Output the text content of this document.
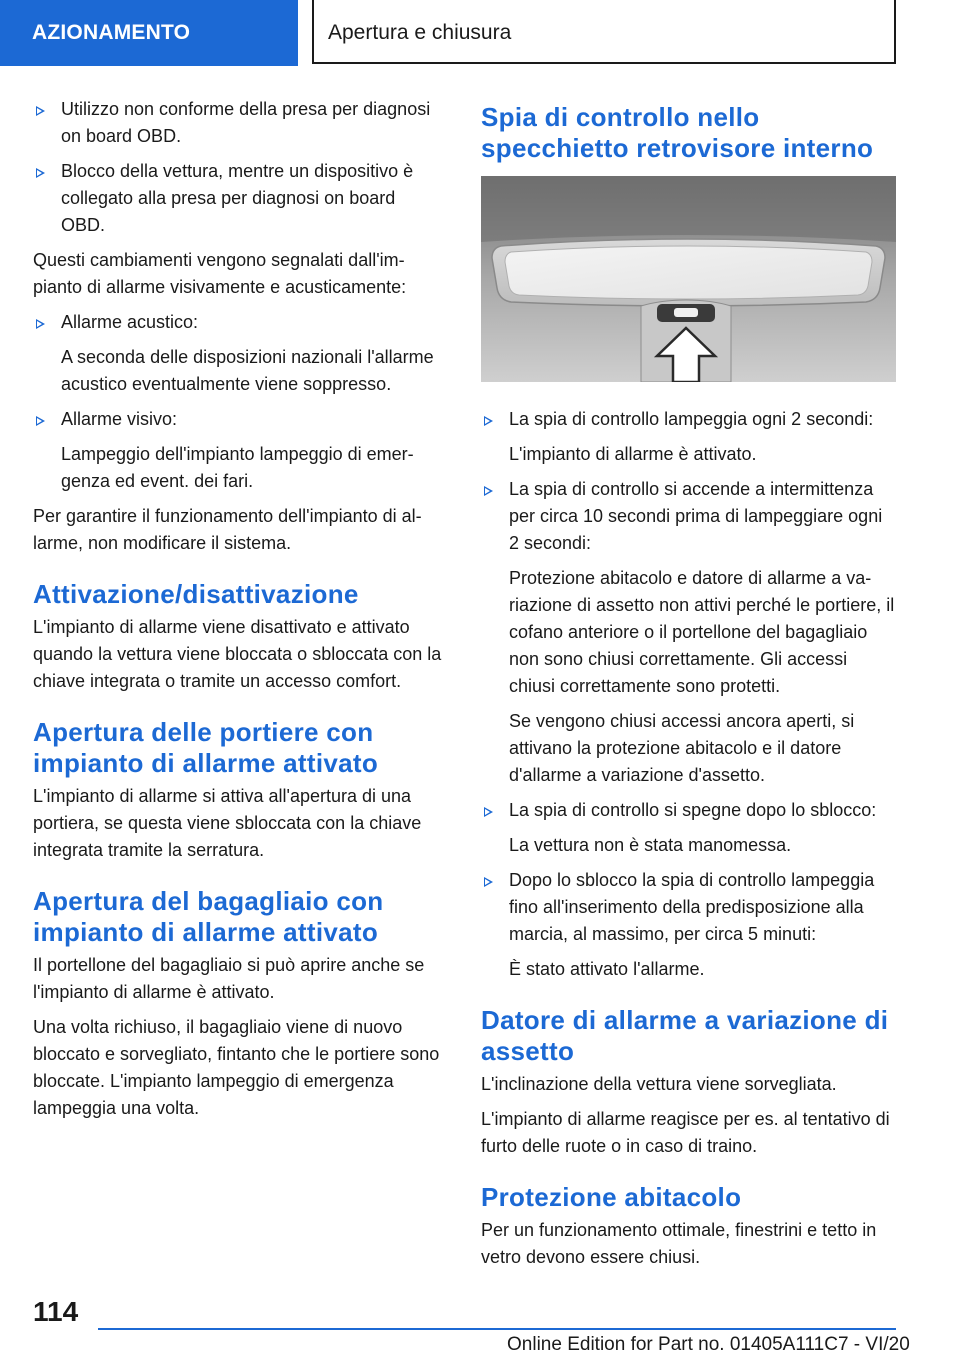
AZIONAMENTO	Apertura e chiusura
Utilizzo non conforme della presa per diagnosi on board OBD.
Blocco della vettura, mentre un dispositivo è collegato alla presa per diagnosi on board OBD.

Questi cambiamenti vengono segnalati dall'impianto di allarme visivamente e acusticamente:

Allarme acustico:
A seconda delle disposizioni nazionali l'allarme acustico eventualmente viene soppresso.
Allarme visivo:
Lampeggio dell'impianto lampeggio di emergenza ed event. dei fari.

Per garantire il funzionamento dell'impianto di allarme, non modificare il sistema.

Attivazione/disattivazione

L'impianto di allarme viene disattivato e attivato quando la vettura viene bloccata o sbloccata con la chiave integrata o tramite un accesso comfort.

Apertura delle portiere con impianto di allarme attivato

L'impianto di allarme si attiva all'apertura di una portiera, se questa viene sbloccata con la chiave integrata tramite la serratura.

Apertura del bagagliaio con impianto di allarme attivato

Il portellone del bagagliaio si può aprire anche se l'impianto di allarme è attivato.

Una volta richiuso, il bagagliaio viene di nuovo bloccato e sorvegliato, fintanto che le portiere sono bloccate. L'impianto lampeggio di emergenza lampeggia una volta.

Spia di controllo nello specchietto retrovisore interno
La spia di controllo lampeggia ogni 2 secondi:
L'impianto di allarme è attivato.
La spia di controllo si accende a intermittenza per circa 10 secondi prima di lampeggiare ogni 2 secondi:
Protezione abitacolo e datore di allarme a variazione di assetto non attivi perché le portiere, il cofano anteriore o il portellone del bagagliaio non sono chiusi correttamente. Gli accessi chiusi correttamente sono protetti.
Se vengono chiusi accessi ancora aperti, si attivano la protezione abitacolo e il datore d'allarme a variazione d'assetto.
La spia di controllo si spegne dopo lo sblocco:
La vettura non è stata manomessa.
Dopo lo sblocco la spia di controllo lampeggia fino all'inserimento della predisposizione alla marcia, al massimo, per circa 5 minuti:
È stato attivato l'allarme.
Datore di allarme a variazione di assetto

L'inclinazione della vettura viene sorvegliata.

L'impianto di allarme reagisce per es. al tentativo di furto delle ruote o in caso di traino.

Protezione abitacolo

Per un funzionamento ottimale, finestrini e tetto in vetro devono essere chiusi.

114
Online Edition for Part no. 01405A111C7 - VI/20
